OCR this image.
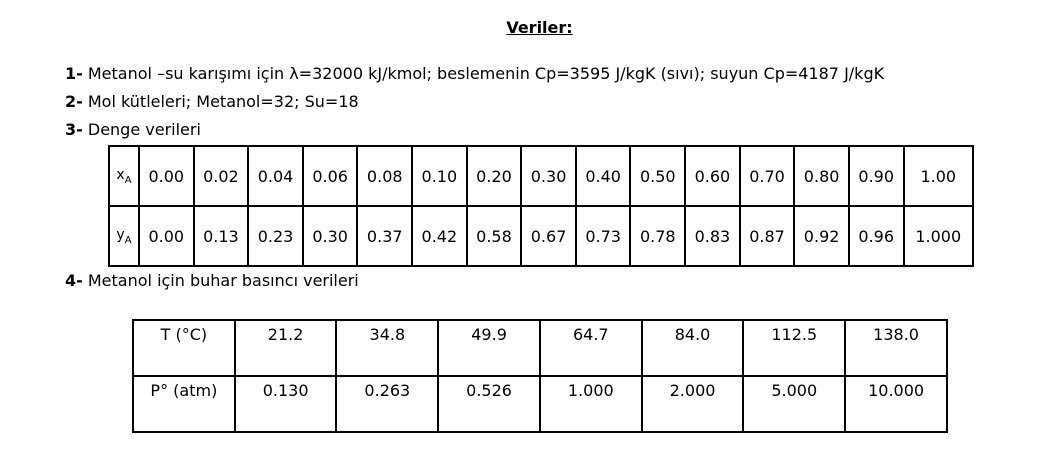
Veriler:
1- Metanol –su karışımı için λ=32000 kJ/kmol; beslemenin Cp=3595 J/kgK (sıvı); suyun Cp=4187 J/kgK
2- Mol kütleleri; Metanol=32; Su=18
3- Denge verileri
$x_A$	0.00	0.02	0.04	0.06	0.08	0.10	0.20	0.30	0.40	0.50	0.60	0.70	0.80	0.90	1.00
$y_A$	0.00	0.13	0.23	0.30	0.37	0.42	0.58	0.67	0.73	0.78	0.83	0.87	0.92	0.96	1.000
4- Metanol için buhar basıncı verileri
T (°C)	21.2	34.8	49.9	64.7	84.0	112.5	138.0
P° (atm)	0.130	0.263	0.526	1.000	2.000	5.000	10.000
